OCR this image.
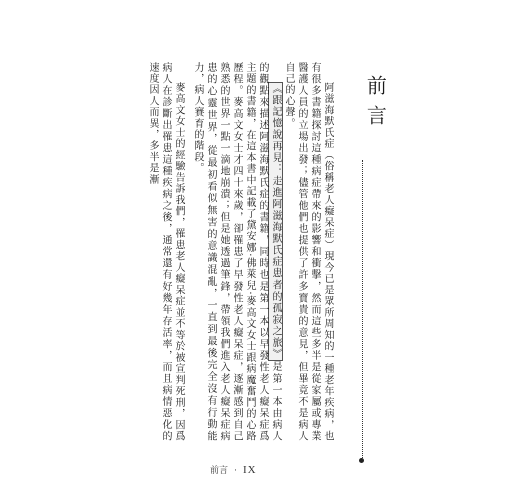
前言

阿滋海默氏症（俗稱老人癡呆症）現今已是眾所周知的一種老年疾病，也有很多書籍探討這種病症帶來的影響和衝擊，然而這些多半是從家屬或專業醫護人員的立場出發；儘管他們也提供了許多寶貴的意見，但畢竟不是病人自己的心聲。

《跟記憶說再見：走進阿滋海默氏症患者的孤寂之旅》是第一本由病人的觀點來描述阿滋海默氏症的書籍，同時也是第一本以早發性老人癡呆症爲主題的書籍，在這本書中記載了黛安娜‧佛萊兒‧麥高文女士跟病魔奮鬥的心路歷程。麥高文女士才四十來歲，卻罹患了早發性老人癡呆症，逐漸感到自己熟悉的世界一點一滴地崩潰；但是她透過筆鋒，帶領我們進入老人癡呆症病患的心靈世界，從最初看似無害的意識混亂，一直到最後完全沒有行動能力，病人賽育的階段。

麥高文女士的經驗告訴我們，罹患老人癡呆症並不等於被宣判死刑，因爲病人在診斷出罹患這種疾病之後，通常還有好幾年存活率，而且病情惡化的速度因人而異，多半是漸

前言 · IX
